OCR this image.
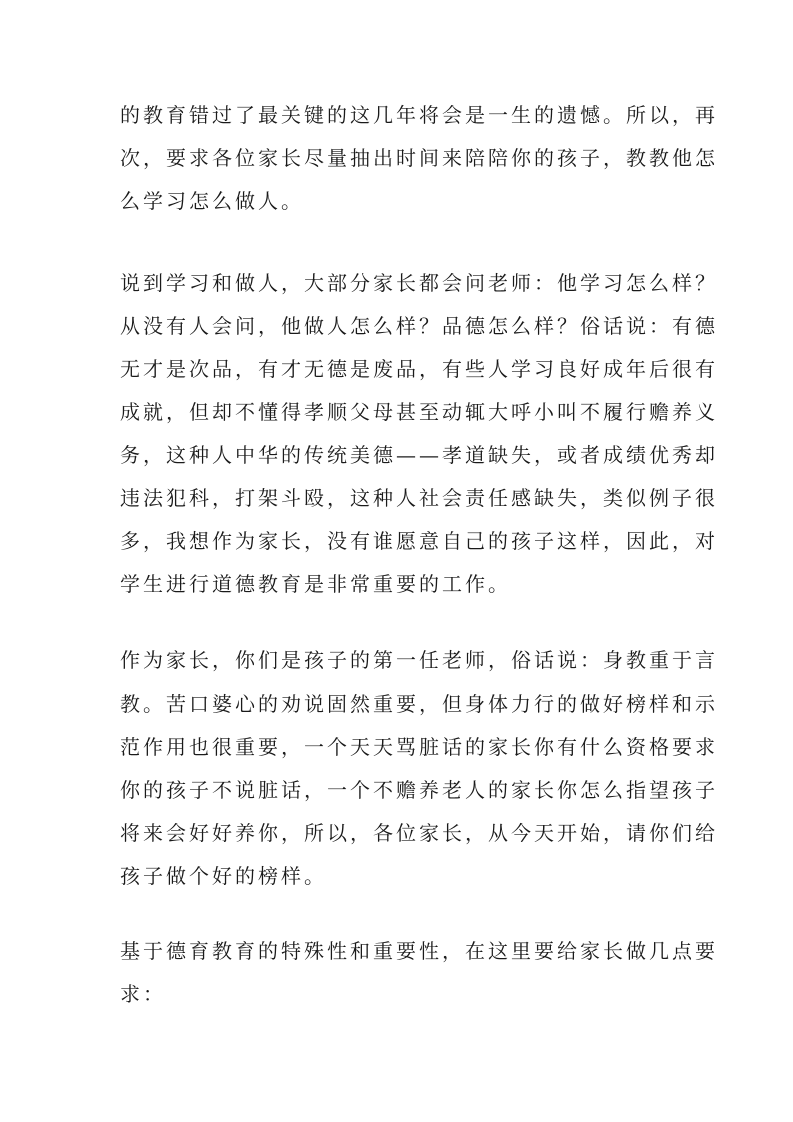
的教育错过了最关键的这几年将会是一生的遗憾。所以，再
次，要求各位家长尽量抽出时间来陪陪你的孩子，教教他怎
么学习怎么做人。
说到学习和做人，大部分家长都会问老师：他学习怎么样？
从没有人会问，他做人怎么样？品德怎么样？俗话说：有德
无才是次品，有才无德是废品，有些人学习良好成年后很有
成就，但却不懂得孝顺父母甚至动辄大呼小叫不履行赡养义
务，这种人中华的传统美德——孝道缺失，或者成绩优秀却
违法犯科，打架斗殴，这种人社会责任感缺失，类似例子很
多，我想作为家长，没有谁愿意自己的孩子这样，因此，对
学生进行道德教育是非常重要的工作。
作为家长，你们是孩子的第一任老师，俗话说：身教重于言
教。苦口婆心的劝说固然重要，但身体力行的做好榜样和示
范作用也很重要，一个天天骂脏话的家长你有什么资格要求
你的孩子不说脏话，一个不赡养老人的家长你怎么指望孩子
将来会好好养你，所以，各位家长，从今天开始，请你们给
孩子做个好的榜样。
基于德育教育的特殊性和重要性，在这里要给家长做几点要
求：
